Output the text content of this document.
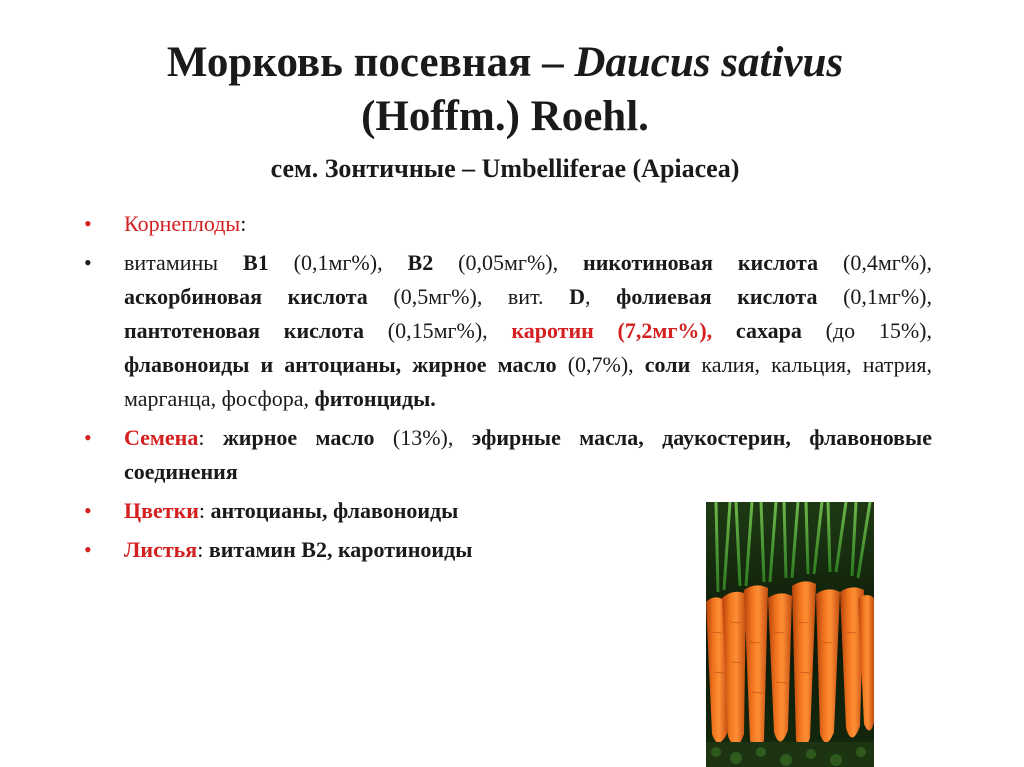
Морковь посевная – Daucus sativus
(Hoffm.) Roehl.
сем. Зонтичные – Umbelliferae (Apiacea)
• Корнеплоды:
• витамины B1 (0,1мг%), B2 (0,05мг%), никотиновая кислота (0,4мг%), аскорбиновая кислота (0,5мг%), вит. D, фолиевая кислота (0,1мг%), пантотеновая кислота (0,15мг%), каротин (7,2мг%), сахара (до 15%), флавоноиды и антоцианы, жирное масло (0,7%), соли калия, кальция, натрия, марганца, фосфора, фитонциды.
• Семена: жирное масло (13%), эфирные масла, даукостерин, флавоновые соединения
• Цветки: антоцианы, флавоноиды
• Листья: витамин B2, каротиноиды
